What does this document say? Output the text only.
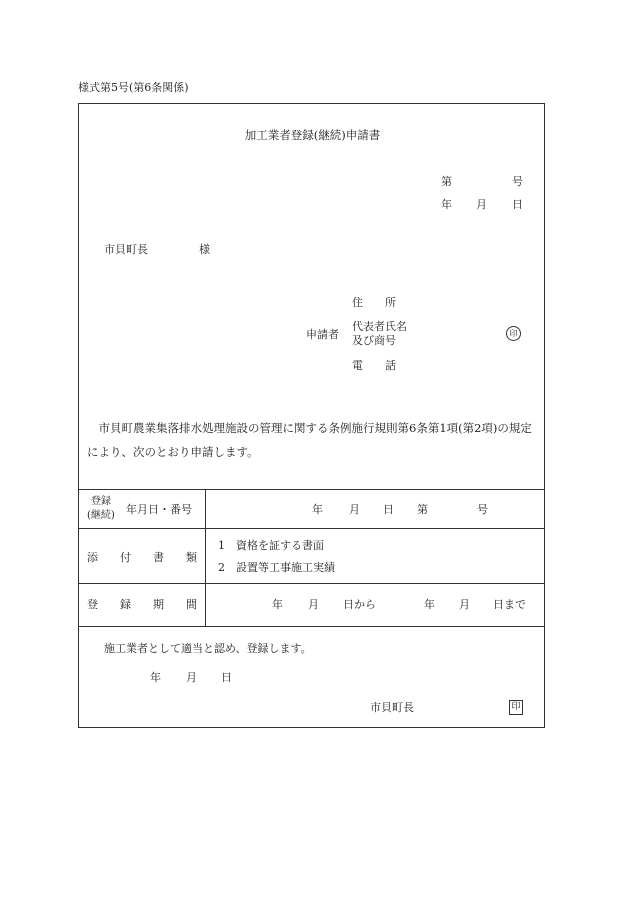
様式第5号(第6条関係)
加工業者登録(継続)申請書
第	号
年 月 日
市貝町長	様
住　　所
申請者
代表者氏名
及び商号
印
電　　話
市貝町農業集落排水処理施設の管理に関する条例施行規則第6条第1項(第2項)の規定により、次のとおり申請します。
登録
(継続) 年月日・番号	年 月 日 第	号
添　　付　　書　　類
1　資格を証する書面
2　設置等工事施工実績
登　　録　　期　　間	年 月 日から	年 月 日まで
施工業者として適当と認め、登録します。
年 月 日
市貝町長	印
